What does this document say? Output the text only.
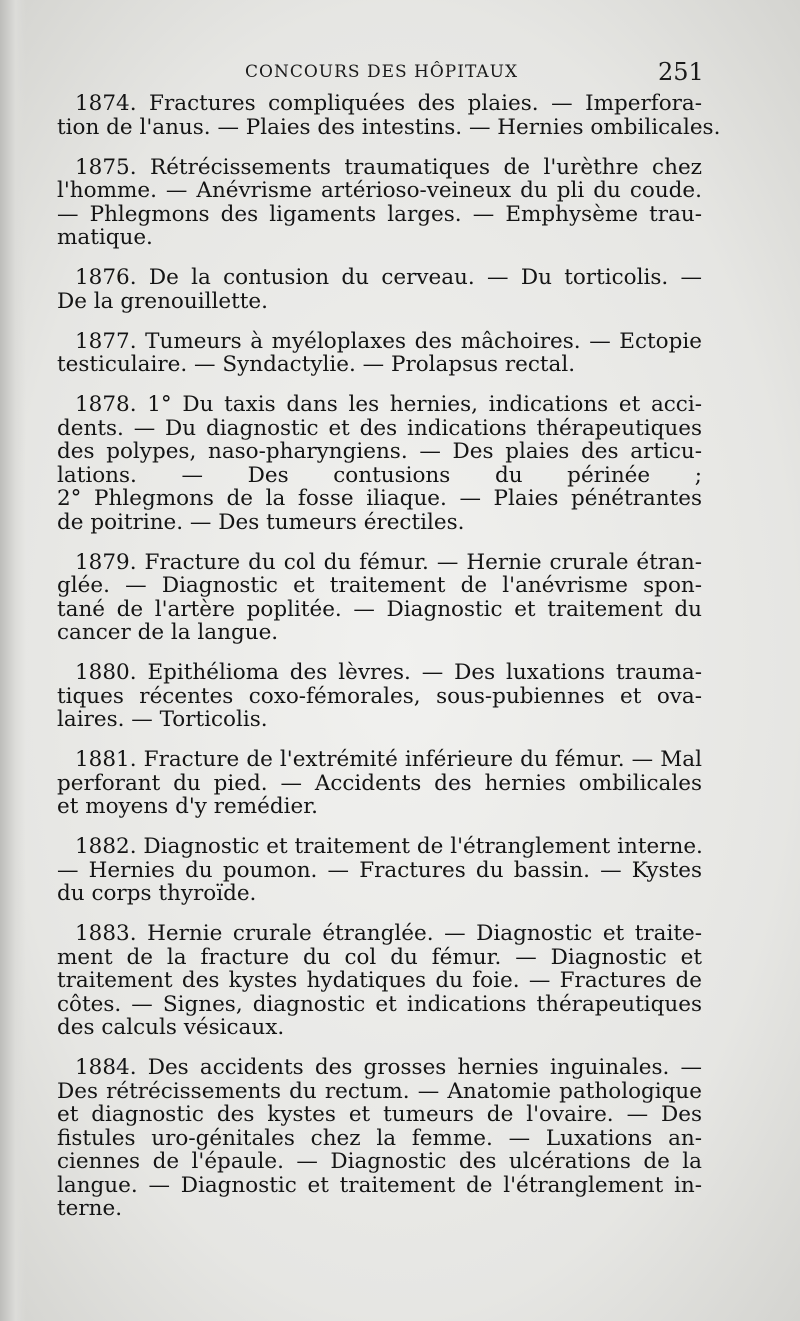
CONCOURS DES HÔPITAUX	251
1874. Fractures compliquées des plaies. — Imperfora-
tion de l'anus. — Plaies des intestins. — Hernies ombilicales.
1875. Rétrécissements traumatiques de l'urèthre chez
l'homme. — Anévrisme artérioso-veineux du pli du coude.
— Phlegmons des ligaments larges. — Emphysème trau-
matique.
1876. De la contusion du cerveau. — Du torticolis. —
De la grenouillette.
1877. Tumeurs à myéloplaxes des mâchoires. — Ectopie
testiculaire. — Syndactylie. — Prolapsus rectal.
1878. 1° Du taxis dans les hernies, indications et acci-
dents. — Du diagnostic et des indications thérapeutiques
des polypes, naso-pharyngiens. — Des plaies des articu-
lations. — Des contusions du périnée ;
2° Phlegmons de la fosse iliaque. — Plaies pénétrantes
de poitrine. — Des tumeurs érectiles.
1879. Fracture du col du fémur. — Hernie crurale étran-
glée. — Diagnostic et traitement de l'anévrisme spon-
tané de l'artère poplitée. — Diagnostic et traitement du
cancer de la langue.
1880. Epithélioma des lèvres. — Des luxations trauma-
tiques récentes coxo-fémorales, sous-pubiennes et ova-
laires. — Torticolis.
1881. Fracture de l'extrémité inférieure du fémur. — Mal
perforant du pied. — Accidents des hernies ombilicales
et moyens d'y remédier.
1882. Diagnostic et traitement de l'étranglement interne.
— Hernies du poumon. — Fractures du bassin. — Kystes
du corps thyroïde.
1883. Hernie crurale étranglée. — Diagnostic et traite-
ment de la fracture du col du fémur. — Diagnostic et
traitement des kystes hydatiques du foie. — Fractures de
côtes. — Signes, diagnostic et indications thérapeutiques
des calculs vésicaux.
1884. Des accidents des grosses hernies inguinales. —
Des rétrécissements du rectum. — Anatomie pathologique
et diagnostic des kystes et tumeurs de l'ovaire. — Des
fistules uro-génitales chez la femme. — Luxations an-
ciennes de l'épaule. — Diagnostic des ulcérations de la
langue. — Diagnostic et traitement de l'étranglement in-
terne.
